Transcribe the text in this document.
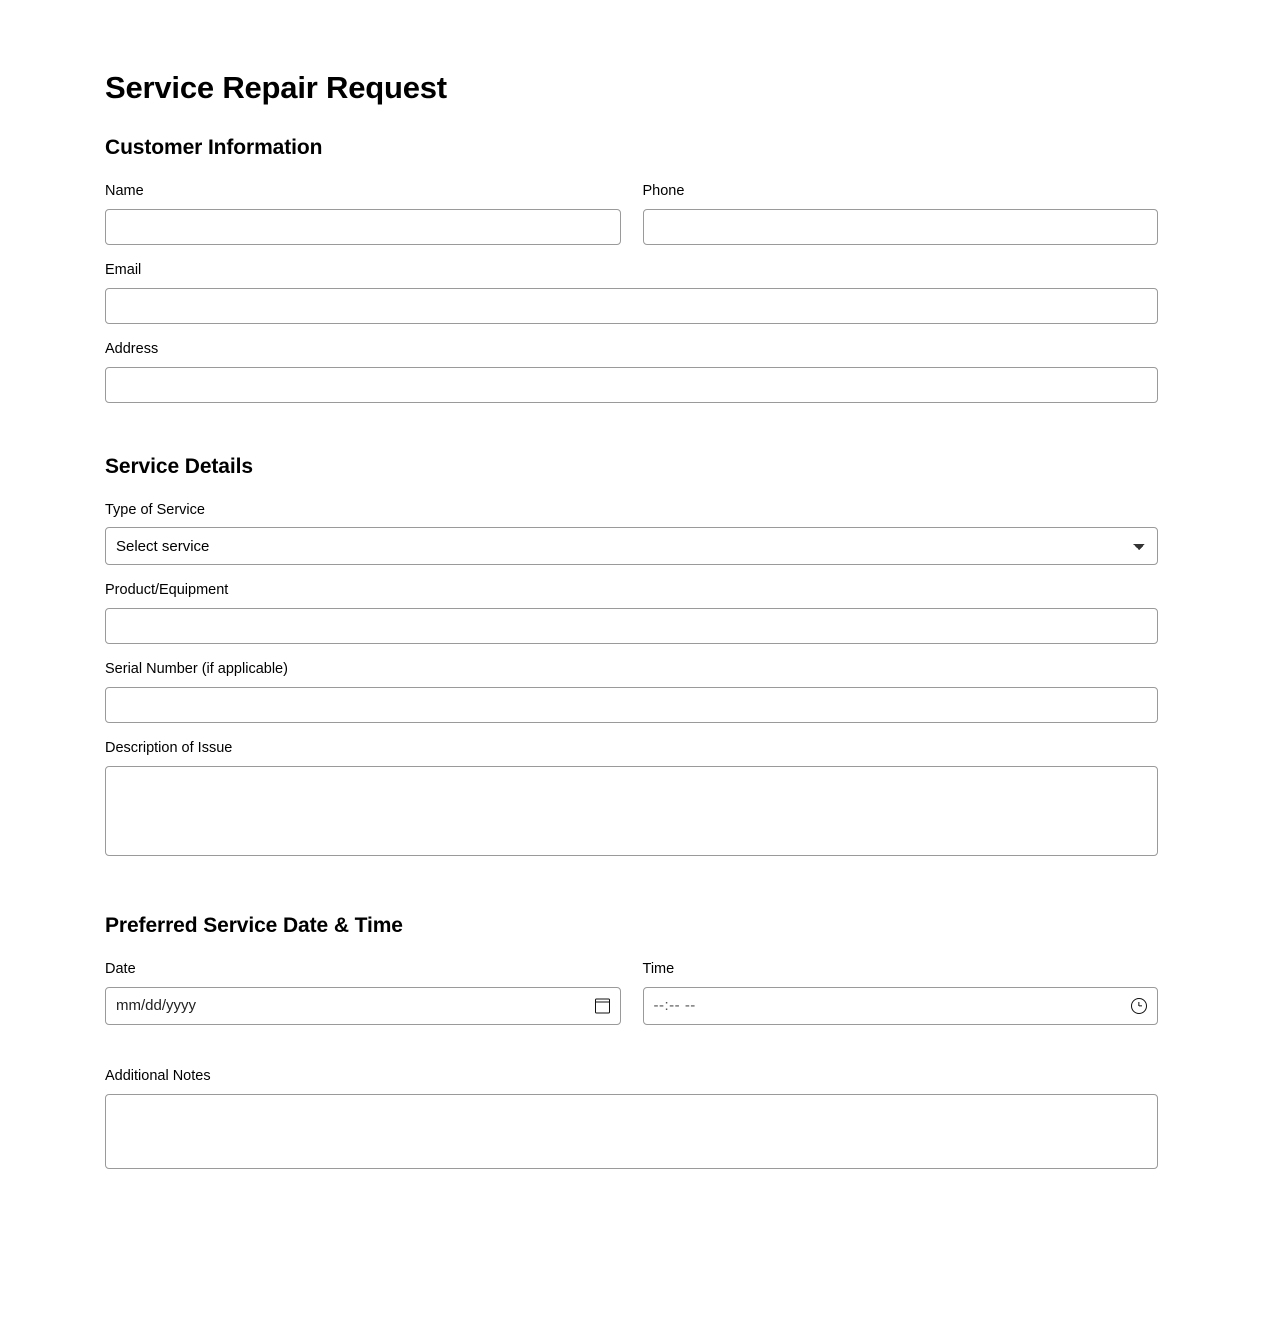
Service Repair Request
Customer Information
Name	Phone
Email
Address
Service Details
Type of Service
Select service
Product/Equipment
Serial Number (if applicable)
Description of Issue
Preferred Service Date & Time
Date
mm/dd/yyyy
Time
--:-- --
Additional Notes
